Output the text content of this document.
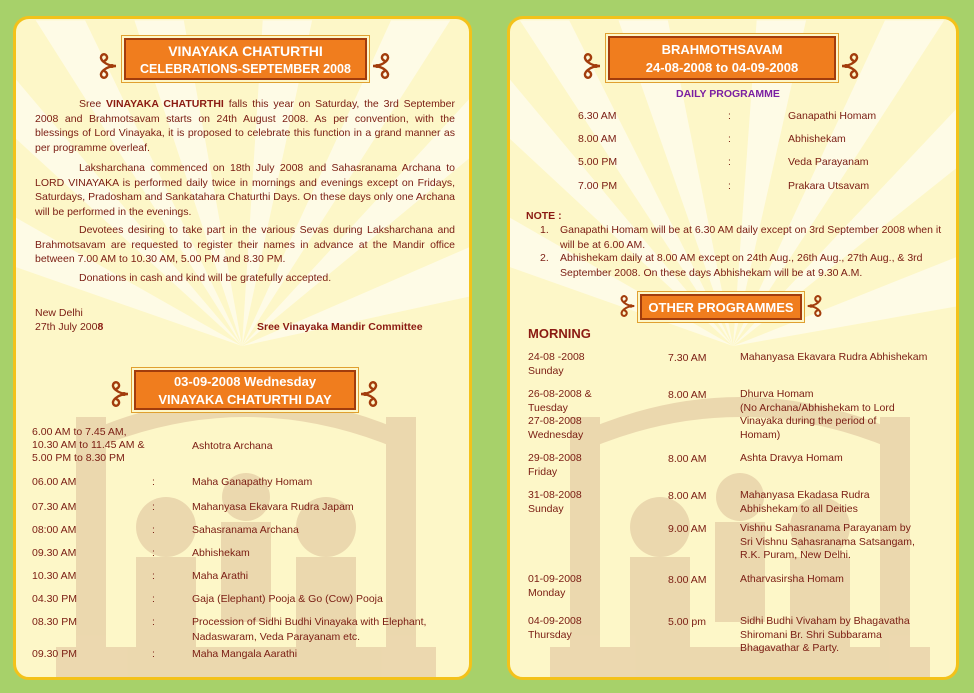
VINAYAKA CHATURTHI
CELEBRATIONS-SEPTEMBER 2008
Sree VINAYAKA CHATURTHI falls this year on Saturday, the 3rd September 2008 and Brahmotsavam starts on 24th August 2008. As per convention, with the blessings of Lord Vinayaka, it is proposed to celebrate this function in a grand manner as per programme overleaf.
Laksharchana commenced on 18th July 2008 and Sahasranama Archana to LORD VINAYAKA is performed daily twice in mornings and evenings except on Fridays, Saturdays, Pradosham and Sankatahara Chaturthi Days. On these days only one Archana will be performed in the evenings.
Devotees desiring to take part in the various Sevas during Laksharchana and Brahmotsavam are requested to register their names in advance at the Mandir office between 7.00 AM to 10.30 AM, 5.00 PM and 8.30 PM.
Donations in cash and kind will be gratefully accepted.
New Delhi
27th July 2008	Sree Vinayaka Mandir Committee
03-09-2008 Wednesday
VINAYAKA CHATURTHI DAY
6.00 AM to 7.45 AM,
10.30 AM to 11.45 AM &
5.00 PM to 8.30 PM
Ashtotra Archana
06.00 AM	:	Maha Ganapathy Homam
07.30 AM	:	Mahanyasa Ekavara Rudra Japam
08:00 AM	:	Sahasranama Archana
09.30 AM	:	Abhishekam
10.30 AM	:	Maha Arathi
04.30 PM	:	Gaja (Elephant) Pooja & Go (Cow) Pooja
08.30 PM	:	Procession of Sidhi Budhi Vinayaka with Elephant, Nadaswaram, Veda Parayanam etc.
09.30 PM	:	Maha Mangala Aarathi
BRAHMOTHSAVAM
24-08-2008 to 04-09-2008
DAILY PROGRAMME
6.30 AM	:	Ganapathi Homam
8.00 AM	:	Abhishekam
5.00 PM	:	Veda Parayanam
7.00 PM	:	Prakara Utsavam
NOTE :
1. Ganapathi Homam will be at 6.30 AM daily except on 3rd September 2008 when it will be at 6.00 AM.
2. Abhishekam daily at 8.00 AM except on 24th Aug., 26th Aug., 27th Aug., & 3rd September 2008. On these days Abhishekam will be at 9.30 A.M.
OTHER PROGRAMMES
MORNING
24-08 -2008
Sunday
7.30 AM	Mahanyasa Ekavara Rudra Abhishekam
26-08-2008 &
Tuesday
27-08-2008
Wednesday
8.00 AM	Dhurva Homam
(No Archana/Abhishekam to Lord
Vinayaka during the period of
Homam)
29-08-2008
Friday
8.00 AM	Ashta Dravya Homam
31-08-2008
Sunday
8.00 AM	Mahanyasa Ekadasa Rudra
Abhishekam to all Deities
9.00 AM	Vishnu Sahasranama Parayanam by
Sri Vishnu Sahasranama Satsangam,
R.K. Puram, New Delhi.
01-09-2008
Monday
8.00 AM	Atharvasirsha Homam
04-09-2008
Thursday
5.00 pm	Sidhi Budhi Vivaham by Bhagavatha
Shiromani Br. Shri Subbarama
Bhagavathar & Party.
